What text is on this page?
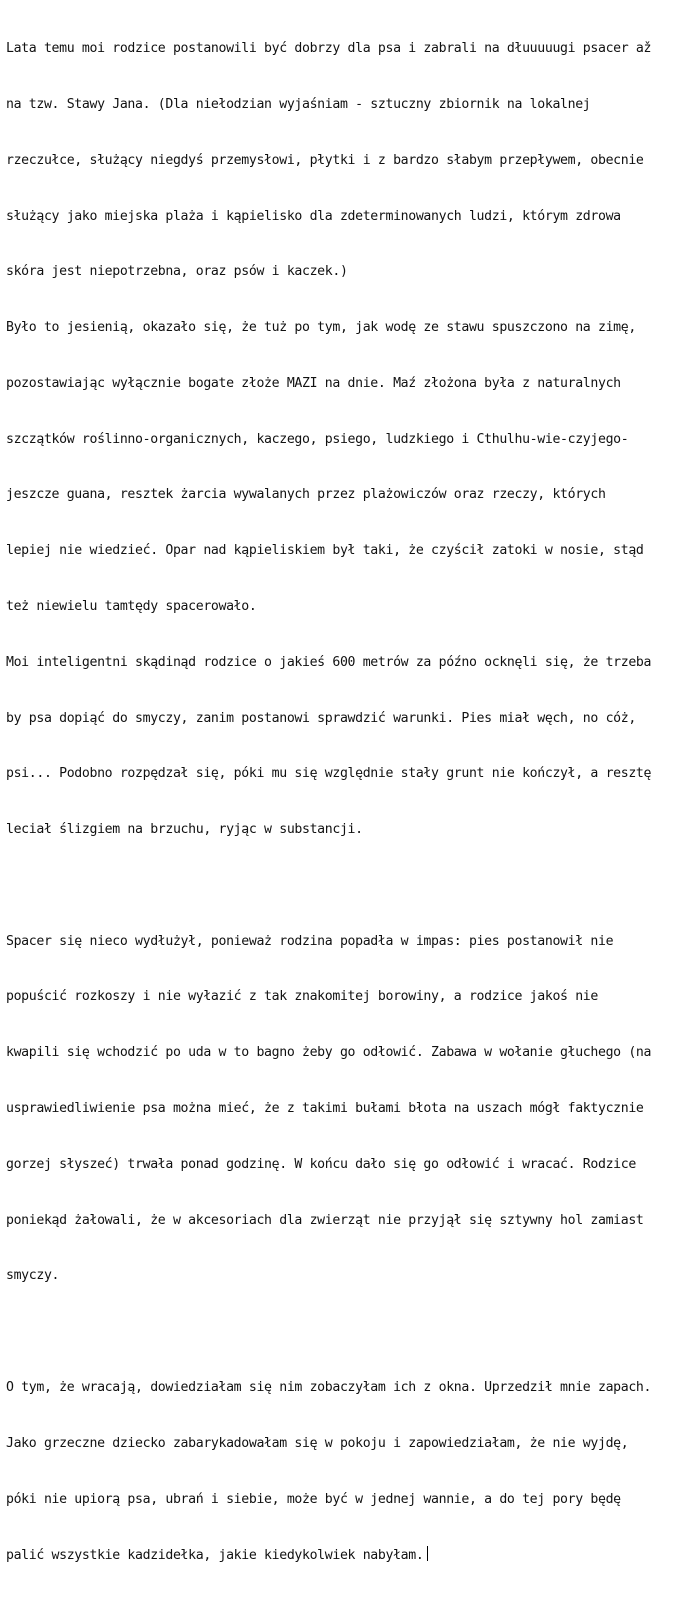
Lata temu moi rodzice postanowili być dobrzy dla psa i zabrali na dłuuuuugi psacer až

na tzw. Stawy Jana. (Dla niełodzian wyjaśniam - sztuczny zbiornik na lokalnej

rzeczułce, służący niegdyś przemysłowi, płytki i z bardzo słabym przepływem, obecnie

służący jako miejska plaża i kąpielisko dla zdeterminowanych ludzi, którym zdrowa

skóra jest niepotrzebna, oraz psów i kaczek.)

Było to jesienią, okazało się, że tuż po tym, jak wodę ze stawu spuszczono na zimę,

pozostawiając wyłącznie bogate złoże MAZI na dnie. Maź złożona była z naturalnych

szczątków roślinno-organicznych, kaczego, psiego, ludzkiego i Cthulhu-wie-czyjego-

jeszcze guana, resztek żarcia wywalanych przez plażowiczów oraz rzeczy, których

lepiej nie wiedzieć. Opar nad kąpieliskiem był taki, że czyścił zatoki w nosie, stąd

też niewielu tamtędy spacerowało.

Moi inteligentni skądinąd rodzice o jakieś 600 metrów za późno ocknęli się, że trzeba

by psa dopiąć do smyczy, zanim postanowi sprawdzić warunki. Pies miał węch, no cóż,

psi... Podobno rozpędzał się, póki mu się względnie stały grunt nie kończył, a resztę

leciał ślizgiem na brzuchu, ryjąc w substancji.

Spacer się nieco wydłużył, ponieważ rodzina popadła w impas: pies postanowił nie

popuścić rozkoszy i nie wyłazić z tak znakomitej borowiny, a rodzice jakoś nie

kwapili się wchodzić po uda w to bagno żeby go odłowić. Zabawa w wołanie głuchego (na

usprawiedliwienie psa można mieć, że z takimi bułami błota na uszach mógł faktycznie

gorzej słyszeć) trwała ponad godzinę. W końcu dało się go odłowić i wracać. Rodzice

poniekąd żałowali, że w akcesoriach dla zwierząt nie przyjął się sztywny hol zamiast

smyczy.

O tym, że wracają, dowiedziałam się nim zobaczyłam ich z okna. Uprzedził mnie zapach.

Jako grzeczne dziecko zabarykadowałam się w pokoju i zapowiedziałam, że nie wyjdę,

póki nie upiorą psa, ubrań i siebie, może być w jednej wannie, a do tej pory będę

palić wszystkie kadzidełka, jakie kiedykolwiek nabyłam.
